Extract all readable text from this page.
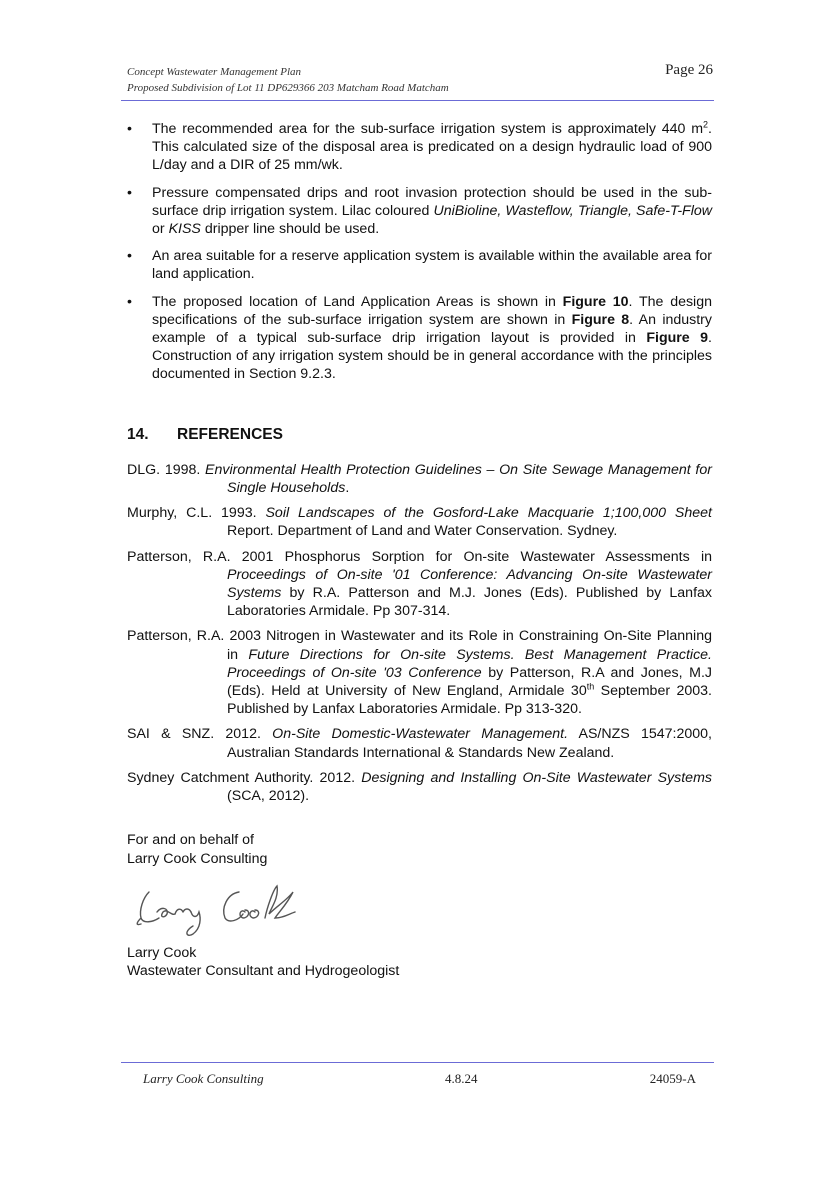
Concept Wastewater Management Plan
Proposed Subdivision of Lot 11 DP629366 203 Matcham Road Matcham
Page 26
• The recommended area for the sub-surface irrigation system is approximately 440 $m^2$. This calculated size of the disposal area is predicated on a design hydraulic load of 900 L/day and a DIR of 25 mm/wk.
• Pressure compensated drips and root invasion protection should be used in the sub-surface drip irrigation system. Lilac coloured UniBioline, Wasteflow, Triangle, Safe-T-Flow or KISS dripper line should be used.
• An area suitable for a reserve application system is available within the available area for land application.
• The proposed location of Land Application Areas is shown in Figure 10. The design specifications of the sub-surface irrigation system are shown in Figure 8. An industry example of a typical sub-surface drip irrigation layout is provided in Figure 9. Construction of any irrigation system should be in general accordance with the principles documented in Section 9.2.3.
14. REFERENCES
DLG. 1998. Environmental Health Protection Guidelines – On Site Sewage Management for Single Households.
Murphy, C.L. 1993. Soil Landscapes of the Gosford-Lake Macquarie 1;100,000 Sheet Report. Department of Land and Water Conservation. Sydney.
Patterson, R.A. 2001 Phosphorus Sorption for On-site Wastewater Assessments in Proceedings of On-site '01 Conference: Advancing On-site Wastewater Systems by R.A. Patterson and M.J. Jones (Eds). Published by Lanfax Laboratories Armidale. Pp 307-314.
Patterson, R.A. 2003 Nitrogen in Wastewater and its Role in Constraining On-Site Planning in Future Directions for On-site Systems. Best Management Practice. Proceedings of On-site '03 Conference by Patterson, R.A and Jones, M.J (Eds). Held at University of New England, Armidale 30th September 2003. Published by Lanfax Laboratories Armidale. Pp 313-320.
SAI & SNZ. 2012. On-Site Domestic-Wastewater Management. AS/NZS 1547:2000, Australian Standards International & Standards New Zealand.
Sydney Catchment Authority. 2012. Designing and Installing On-Site Wastewater Systems (SCA, 2012).
For and on behalf of
Larry Cook Consulting
Larry Cook
Wastewater Consultant and Hydrogeologist
Larry Cook Consulting	4.8.24	24059-A
